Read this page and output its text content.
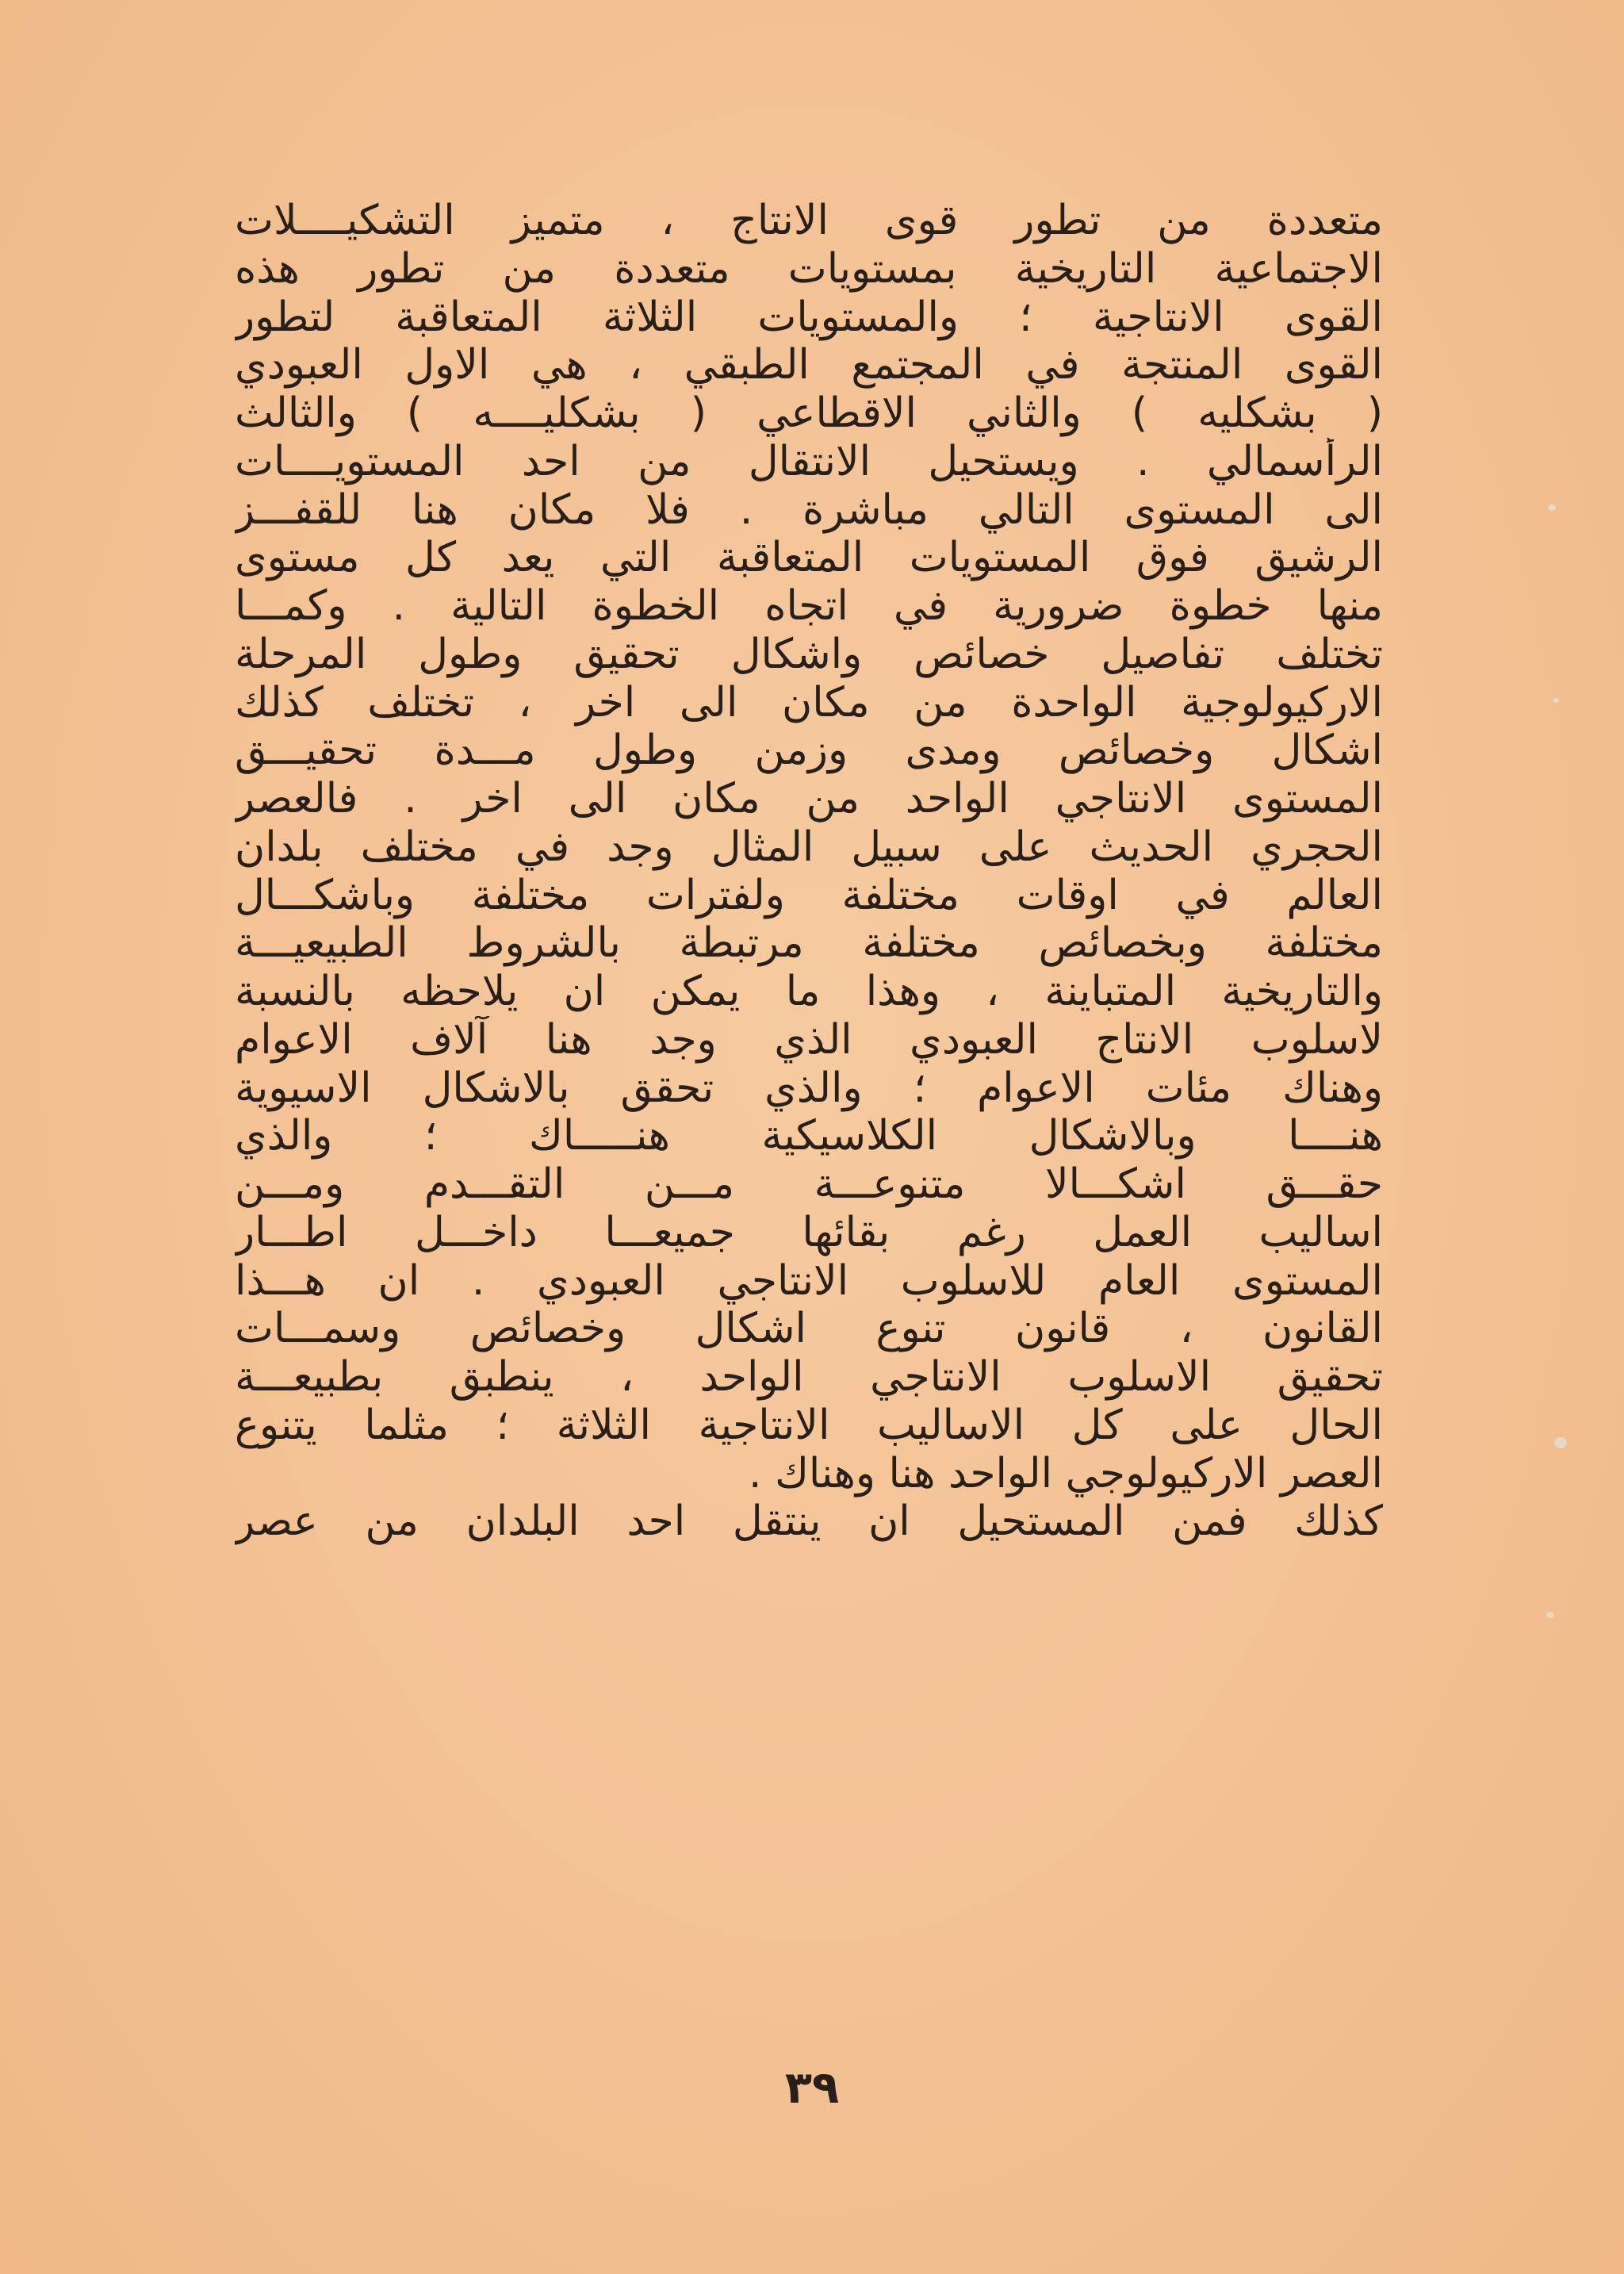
متعددة من تطور قوى الانتاج ، متميز التشكيــــلات
الاجتماعية التاريخية بمستويات متعددة من تطور هذه
القوى الانتاجية ؛ والمستويات الثلاثة المتعاقبة لتطور
القوى المنتجة في المجتمع الطبقي ، هي الاول العبودي
( بشكليه ) والثاني الاقطاعي ( بشكليــــه ) والثالث
الرأسمالي . ويستحيل الانتقال من احد المستويــــات
الى المستوى التالي مباشرة . فلا مكان هنا للقفـــز
الرشيق فوق المستويات المتعاقبة التي يعد كل مستوى
منها خطوة ضرورية في اتجاه الخطوة التالية . وكمـــا
تختلف تفاصيل خصائص واشكال تحقيق وطول المرحلة
الاركيولوجية الواحدة من مكان الى اخر ، تختلف كذلك
اشكال وخصائص ومدى وزمن وطول مـــدة تحقيـــق
المستوى الانتاجي الواحد من مكان الى اخر . فالعصر
الحجري الحديث على سبيل المثال وجد في مختلف بلدان
العالم في اوقات مختلفة ولفترات مختلفة وباشكـــال
مختلفة وبخصائص مختلفة مرتبطة بالشروط الطبيعيـــة
والتاريخية المتباينة ، وهذا ما يمكن ان يلاحظه بالنسبة
لاسلوب الانتاج العبودي الذي وجد هنا آلاف الاعوام
وهناك مئات الاعوام ؛ والذي تحقق بالاشكال الاسيوية
هنــــا وبالاشكال الكلاسيكية هنـــــاك ؛ والذي
حقـــق اشكـــالا متنوعـــة مـــن التقـــدم ومـــن
اساليب العمل رغم بقائها جميعـــا داخـــل اطـــار
المستوى العام للاسلوب الانتاجي العبودي . ان هـــذا
القانون ، قانون تنوع اشكال وخصائص وسمـــات
تحقيق الاسلوب الانتاجي الواحد ، ينطبق بطبيعـــة
الحال على كل الاساليب الانتاجية الثلاثة ؛ مثلما يتنوع
العصر الاركيولوجي الواحد هنا وهناك .
كذلك فمن المستحيل ان ينتقل احد البلدان من عصر
٣٩
